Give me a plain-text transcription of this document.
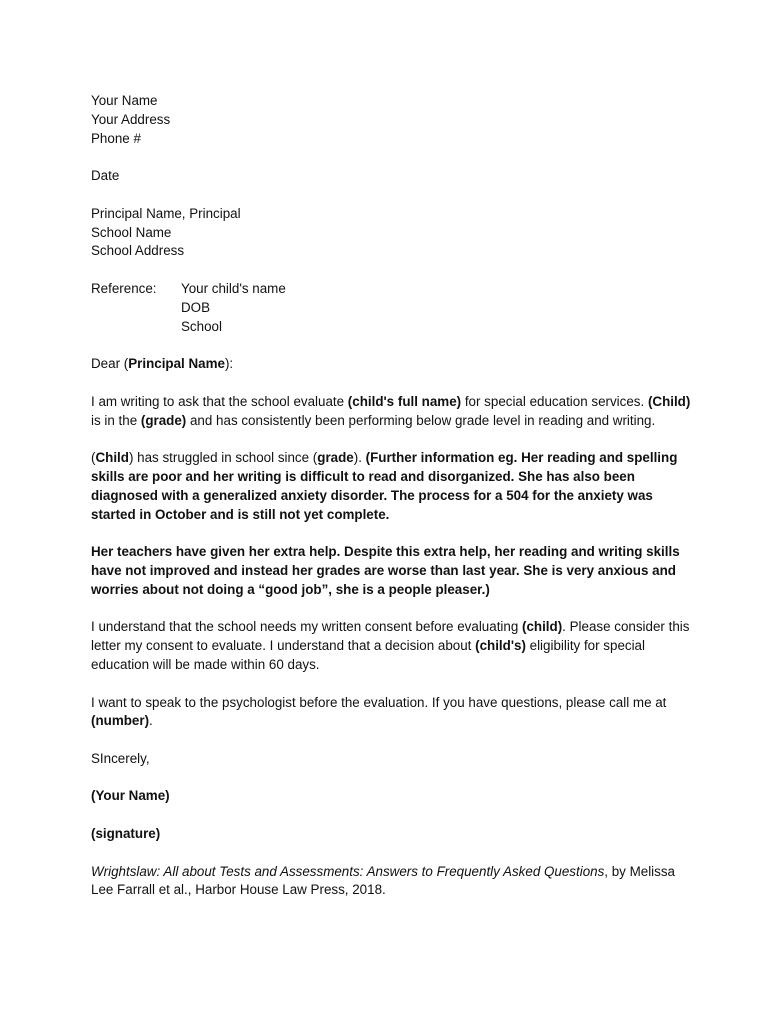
Your Name
Your Address
Phone #
Date
Principal Name, Principal
School Name
School Address
Reference:	Your child's name
DOB
School

Dear (Principal Name):

I am writing to ask that the school evaluate (child's full name) for special education services. (Child) is in the (grade) and has consistently been performing below grade level in reading and writing.

(Child) has struggled in school since (grade). (Further information eg. Her reading and spelling skills are poor and her writing is difficult to read and disorganized. She has also been diagnosed with a generalized anxiety disorder. The process for a 504 for the anxiety was started in October and is still not yet complete.

Her teachers have given her extra help. Despite this extra help, her reading and writing skills have not improved and instead her grades are worse than last year. She is very anxious and worries about not doing a “good job”, she is a people pleaser.)

I understand that the school needs my written consent before evaluating (child). Please consider this letter my consent to evaluate. I understand that a decision about (child's) eligibility for special education will be made within 60 days.

I want to speak to the psychologist before the evaluation. If you have questions, please call me at (number).

SIncerely,
(Your Name)
(signature)

Wrightslaw: All about Tests and Assessments: Answers to Frequently Asked Questions, by Melissa Lee Farrall et al., Harbor House Law Press, 2018.
